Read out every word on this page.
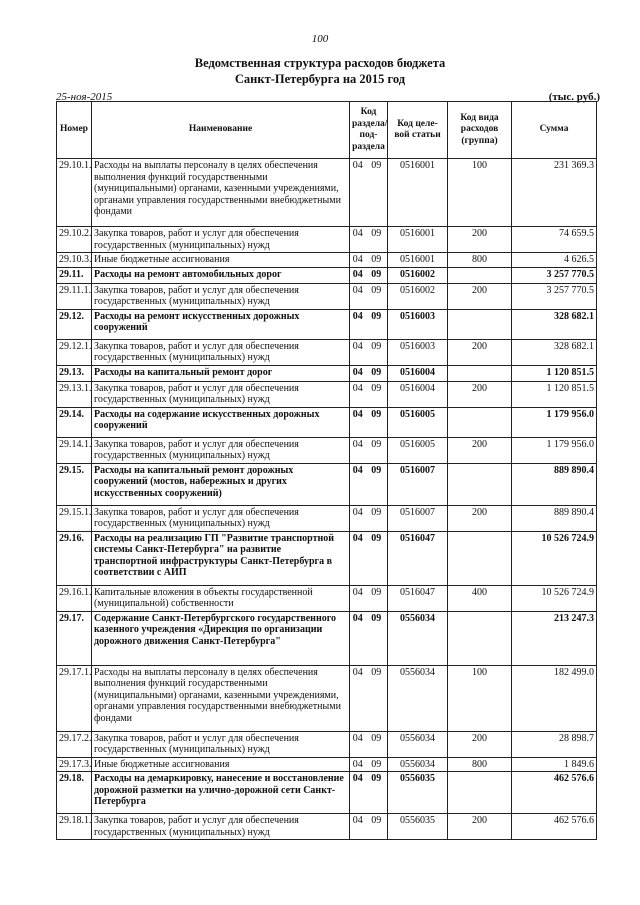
100
Ведомственная структура расходов бюджета
Санкт-Петербурга на 2015 год
25-ноя-2015	(тыс. руб.)
Номер	Наименование	Код раздела/ под-раздела		Код целе-вой статьи	Код вида расходов (группа)	Сумма
29.10.1.	Расходы на выплаты персоналу в целях обеспечения выполнения функций государственными (муниципальными) органами, казенными учреждениями, органами управления государственными внебюджетными фондами	04	09	0516001	100	231 369.3
29.10.2.	Закупка товаров, работ и услуг для обеспечения государственных (муниципальных) нужд	04	09	0516001	200	74 659.5
29.10.3.	Иные бюджетные ассигнования	04	09	0516001	800	4 626.5
29.11.	Расходы на ремонт автомобильных дорог	04	09	0516002		3 257 770.5
29.11.1.	Закупка товаров, работ и услуг для обеспечения государственных (муниципальных) нужд	04	09	0516002	200	3 257 770.5
29.12.	Расходы на ремонт искусственных дорожных сооружений	04	09	0516003		328 682.1
29.12.1.	Закупка товаров, работ и услуг для обеспечения государственных (муниципальных) нужд	04	09	0516003	200	328 682.1
29.13.	Расходы на капитальный ремонт дорог	04	09	0516004		1 120 851.5
29.13.1.	Закупка товаров, работ и услуг для обеспечения государственных (муниципальных) нужд	04	09	0516004	200	1 120 851.5
29.14.	Расходы на содержание искусственных дорожных сооружений	04	09	0516005		1 179 956.0
29.14.1.	Закупка товаров, работ и услуг для обеспечения государственных (муниципальных) нужд	04	09	0516005	200	1 179 956.0
29.15.	Расходы на капитальный ремонт дорожных сооружений (мостов, набережных и других искусственных сооружений)	04	09	0516007		889 890.4
29.15.1.	Закупка товаров, работ и услуг для обеспечения государственных (муниципальных) нужд	04	09	0516007	200	889 890.4
29.16.	Расходы на реализацию ГП "Развитие транспортной системы Санкт-Петербурга" на развитие транспортной инфраструктуры Санкт-Петербурга в соответствии с АИП	04	09	0516047		10 526 724.9
29.16.1.	Капитальные вложения в объекты государственной (муниципальной) собственности	04	09	0516047	400	10 526 724.9
29.17.	Содержание Санкт-Петербургского государственного казенного учреждения «Дирекция по организации дорожного движения Санкт-Петербурга"	04	09	0556034		213 247.3
29.17.1.	Расходы на выплаты персоналу в целях обеспечения выполнения функций государственными (муниципальными) органами, казенными учреждениями, органами управления государственными внебюджетными фондами	04	09	0556034	100	182 499.0
29.17.2.	Закупка товаров, работ и услуг для обеспечения государственных (муниципальных) нужд	04	09	0556034	200	28 898.7
29.17.3.	Иные бюджетные ассигнования	04	09	0556034	800	1 849.6
29.18.	Расходы на демаркировку, нанесение и восстановление дорожной разметки на улично-дорожной сети Санкт-Петербурга	04	09	0556035		462 576.6
29.18.1.	Закупка товаров, работ и услуг для обеспечения государственных (муниципальных) нужд	04	09	0556035	200	462 576.6
